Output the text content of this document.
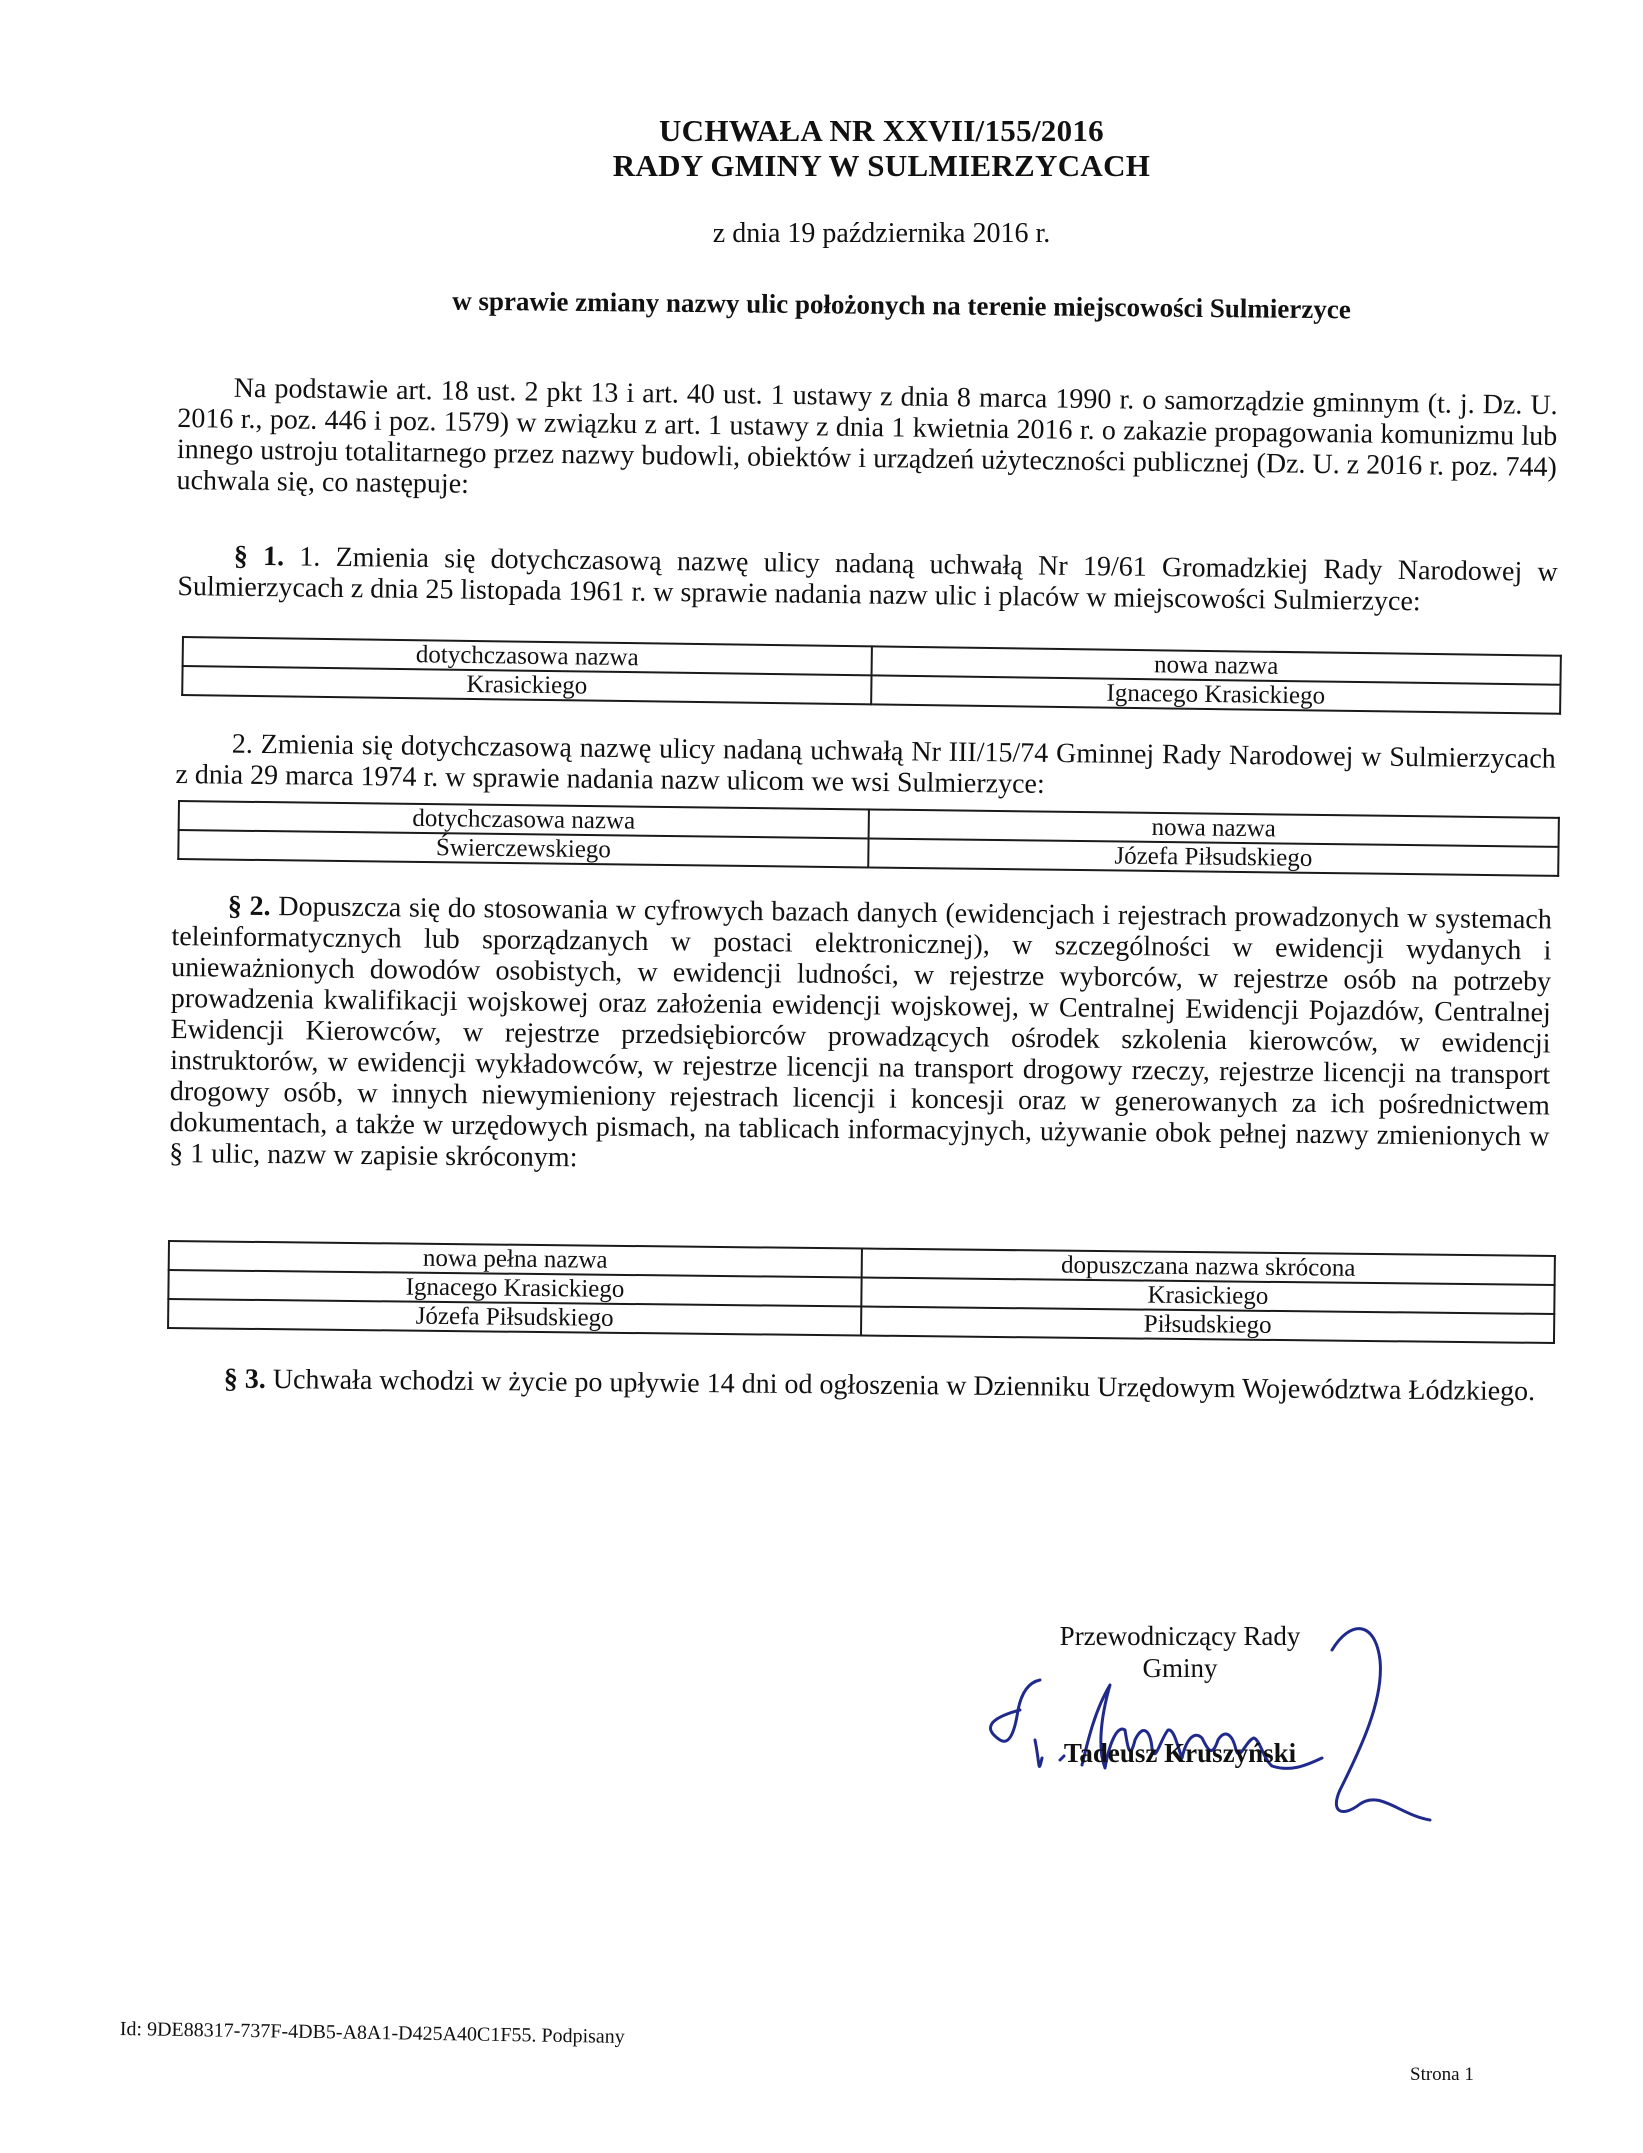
UCHWAŁA NR XXVII/155/2016
RADY GMINY W SULMIERZYCACH
z dnia 19 października 2016 r.
w sprawie zmiany nazwy ulic położonych na terenie miejscowości Sulmierzyce

Na podstawie art. 18 ust. 2 pkt 13 i art. 40 ust. 1 ustawy z dnia 8 marca 1990 r. o samorządzie gminnym (t. j. Dz. U. 2016 r., poz. 446 i poz. 1579) w związku z art. 1 ustawy z dnia 1 kwietnia 2016 r. o zakazie propagowania komunizmu lub innego ustroju totalitarnego przez nazwy budowli, obiektów i urządzeń użyteczności publicznej (Dz. U. z 2016 r. poz. 744) uchwala się, co następuje:

§ 1. 1. Zmienia się dotychczasową nazwę ulicy nadaną uchwałą Nr 19/61 Gromadzkiej Rady Narodowej w Sulmierzycach z dnia 25 listopada 1961 r. w sprawie nadania nazw ulic i placów w miejscowości Sulmierzyce:

dotychczasowa nazwa	nowa nazwa
Krasickiego	Ignacego Krasickiego

2. Zmienia się dotychczasową nazwę ulicy nadaną uchwałą Nr III/15/74 Gminnej Rady Narodowej w Sulmierzycach z dnia 29 marca 1974 r. w sprawie nadania nazw ulicom we wsi Sulmierzyce:

dotychczasowa nazwa	nowa nazwa
Świerczewskiego	Józefa Piłsudskiego

§ 2. Dopuszcza się do stosowania w cyfrowych bazach danych (ewidencjach i rejestrach prowadzonych w systemach teleinformatycznych lub sporządzanych w postaci elektronicznej), w szczególności w ewidencji wydanych i unieważnionych dowodów osobistych, w ewidencji ludności, w rejestrze wyborców, w rejestrze osób na potrzeby prowadzenia kwalifikacji wojskowej oraz założenia ewidencji wojskowej, w Centralnej Ewidencji Pojazdów, Centralnej Ewidencji Kierowców, w rejestrze przedsiębiorców prowadzących ośrodek szkolenia kierowców, w ewidencji instruktorów, w ewidencji wykładowców, w rejestrze licencji na transport drogowy rzeczy, rejestrze licencji na transport drogowy osób, w innych niewymieniony rejestrach licencji i koncesji oraz w generowanych za ich pośrednictwem dokumentach, a także w urzędowych pismach, na tablicach informacyjnych, używanie obok pełnej nazwy zmienionych w § 1 ulic, nazw w zapisie skróconym:

nowa pełna nazwa	dopuszczana nazwa skrócona
Ignacego Krasickiego	Krasickiego
Józefa Piłsudskiego	Piłsudskiego

§ 3. Uchwała wchodzi w życie po upływie 14 dni od ogłoszenia w Dzienniku Urzędowym Województwa Łódzkiego.

Przewodniczący Rady
Gminy
Tadeusz Kruszyński
Id: 9DE88317-737F-4DB5-A8A1-D425A40C1F55. Podpisany
Strona 1
